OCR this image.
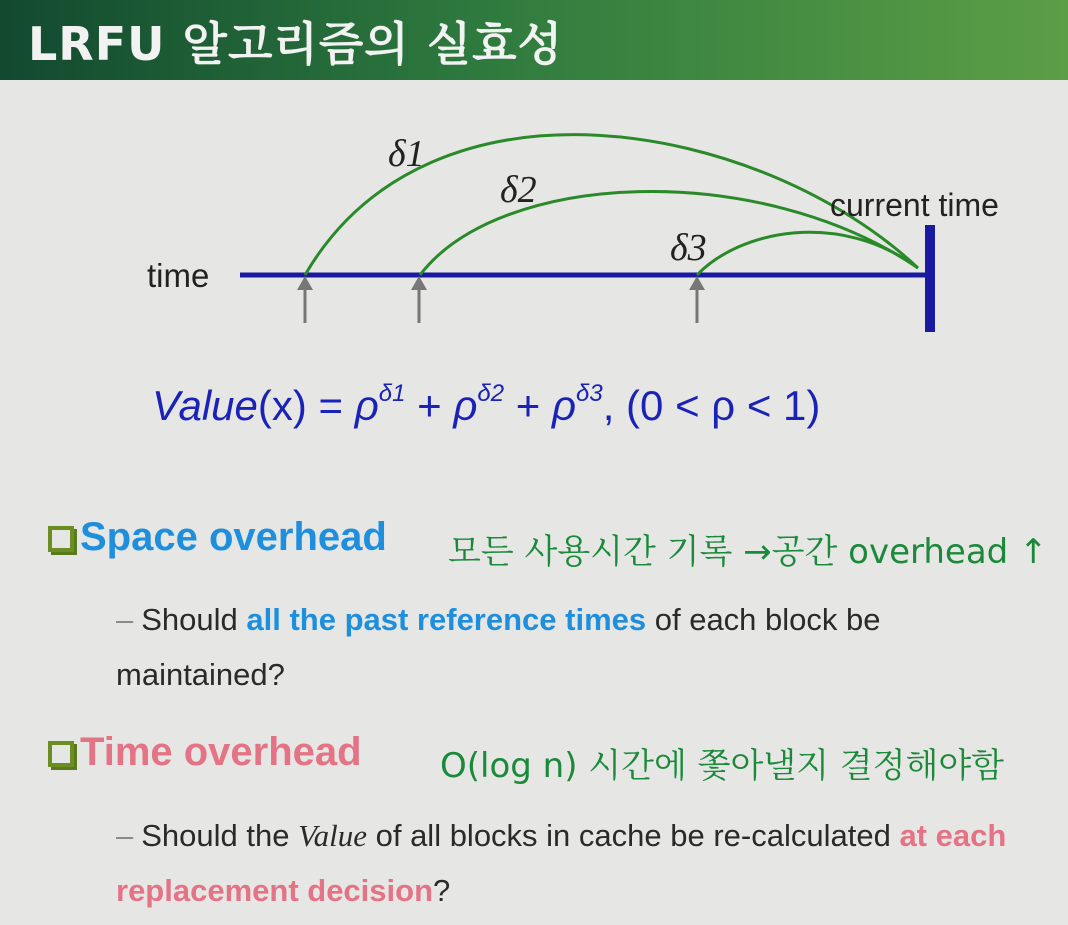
LRFU 알고리즘의 실효성
time
current time
δ1
δ2
δ3
Value(x) = $\rho^{\delta 1} + \rho^{\delta 2} + \rho^{\delta 3}$, (0 < ρ < 1)
Space overhead 모든 사용시간 기록 →공간 overhead ↑
– Should all the past reference times of each block be maintained?
Time overhead O(log n) 시간에 쫓아낼지 결정해야함
– Should the Value of all blocks in cache be re-calculated at each replacement decision?
